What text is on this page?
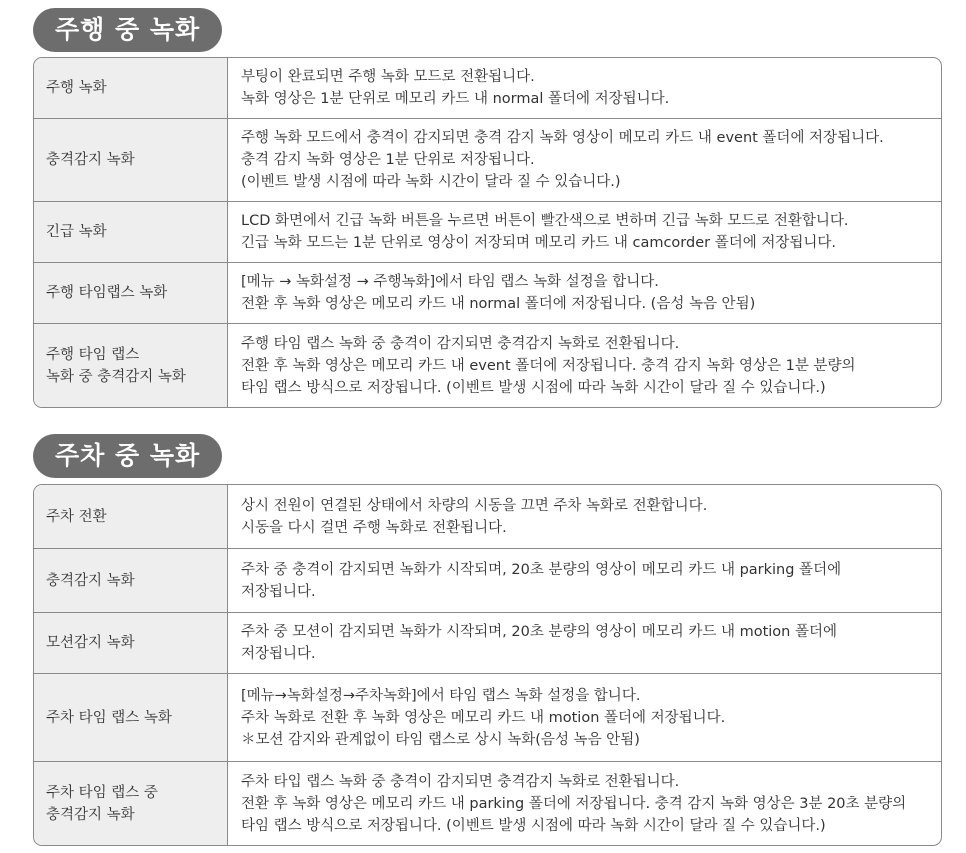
주행 중 녹화
주행 녹화
부팅이 완료되면 주행 녹화 모드로 전환됩니다.
녹화 영상은 1분 단위로 메모리 카드 내 normal 폴더에 저장됩니다.
충격감지 녹화
주행 녹화 모드에서 충격이 감지되면 충격 감지 녹화 영상이 메모리 카드 내 event 폴더에 저장됩니다.
충격 감지 녹화 영상은 1분 단위로 저장됩니다.
(이벤트 발생 시점에 따라 녹화 시간이 달라 질 수 있습니다.)
긴급 녹화
LCD 화면에서 긴급 녹화 버튼을 누르면 버튼이 빨간색으로 변하며 긴급 녹화 모드로 전환합니다.
긴급 녹화 모드는 1분 단위로 영상이 저장되며 메모리 카드 내 camcorder 폴더에 저장됩니다.
주행 타임랩스 녹화
[메뉴 → 녹화설정 → 주행녹화]에서 타임 랩스 녹화 설정을 합니다.
전환 후 녹화 영상은 메모리 카드 내 normal 폴더에 저장됩니다. (음성 녹음 안됨)
주행 타임 랩스
녹화 중 충격감지 녹화
주행 타임 랩스 녹화 중 충격이 감지되면 충격감지 녹화로 전환됩니다.
전환 후 녹화 영상은 메모리 카드 내 event 폴더에 저장됩니다. 충격 감지 녹화 영상은 1분 분량의
타임 랩스 방식으로 저장됩니다. (이벤트 발생 시점에 따라 녹화 시간이 달라 질 수 있습니다.)
주차 중 녹화
주차 전환
상시 전원이 연결된 상태에서 차량의 시동을 끄면 주차 녹화로 전환합니다.
시동을 다시 걸면 주행 녹화로 전환됩니다.
충격감지 녹화
주차 중 충격이 감지되면 녹화가 시작되며, 20초 분량의 영상이 메모리 카드 내 parking 폴더에
저장됩니다.
모션감지 녹화
주차 중 모션이 감지되면 녹화가 시작되며, 20초 분량의 영상이 메모리 카드 내 motion 폴더에
저장됩니다.
주차 타임 랩스 녹화
[메뉴→녹화설정→주차녹화]에서 타임 랩스 녹화 설정을 합니다.
주차 녹화로 전환 후 녹화 영상은 메모리 카드 내 motion 폴더에 저장됩니다.
＊모션 감지와 관계없이 타임 랩스로 상시 녹화(음성 녹음 안됨)
주차 타임 랩스 중
충격감지 녹화
주차 타입 랩스 녹화 중 충격이 감지되면 충격감지 녹화로 전환됩니다.
전환 후 녹화 영상은 메모리 카드 내 parking 폴더에 저장됩니다. 충격 감지 녹화 영상은 3분 20초 분량의
타임 랩스 방식으로 저장됩니다. (이벤트 발생 시점에 따라 녹화 시간이 달라 질 수 있습니다.)
